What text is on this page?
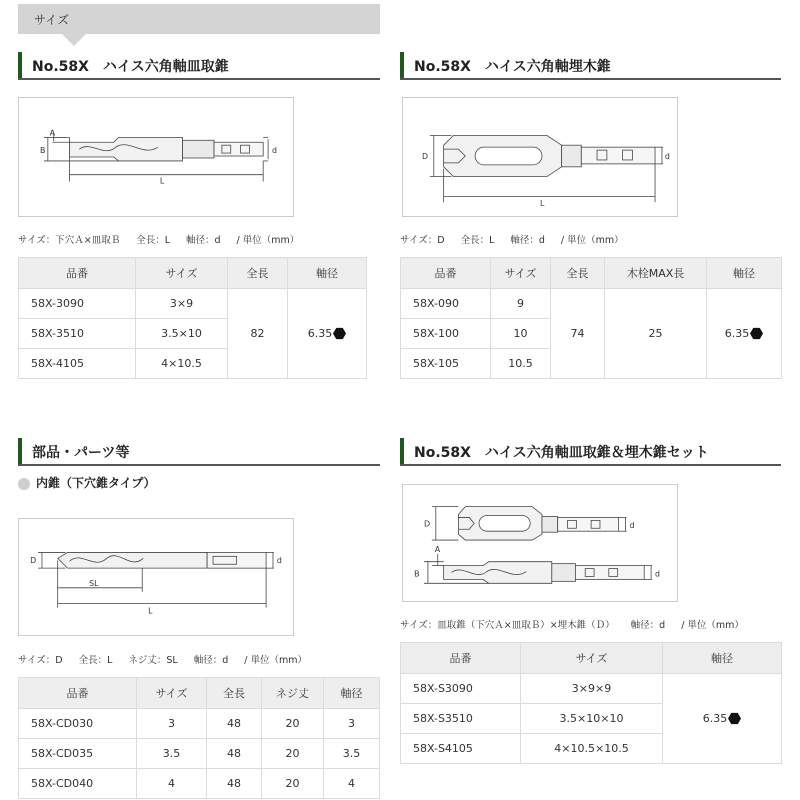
サイズ
No.58X　ハイス六角軸皿取錐
A
B
L
d
サイズ：下穴Ａ×皿取Ｂ 全長：L 軸径：d / 単位（mm）
品番	サイズ	全長	軸径
58X-3090	3×9	82	6.35
58X-3510	3.5×10		
58X-4105	4×10.5		
No.58X　ハイス六角軸埋木錐
D
L
d
サイズ：D 全長：L 軸径：d / 単位（mm）
品番	サイズ	全長	木栓MAX長	軸径
58X-090	9	74	25	6.35
58X-100	10			
58X-105	10.5			
部品・パーツ等
内錐（下穴錐タイプ）
D
SL
L
d
サイズ：D 全長：L ネジ丈：SL 軸径：d / 単位（mm）
品番	サイズ	全長	ネジ丈	軸径
58X-CD030	3	48	20	3
58X-CD035	3.5	48	20	3.5
58X-CD040	4	48	20	4
No.58X　ハイス六角軸皿取錐＆埋木錐セット
D
A
B
d
d
サイズ：皿取錐（下穴Ａ×皿取Ｂ）×埋木錐（Ｄ） 軸径：d / 単位（mm）
品番	サイズ	軸径
58X-S3090	3×9×9	6.35
58X-S3510	3.5×10×10	
58X-S4105	4×10.5×10.5	
